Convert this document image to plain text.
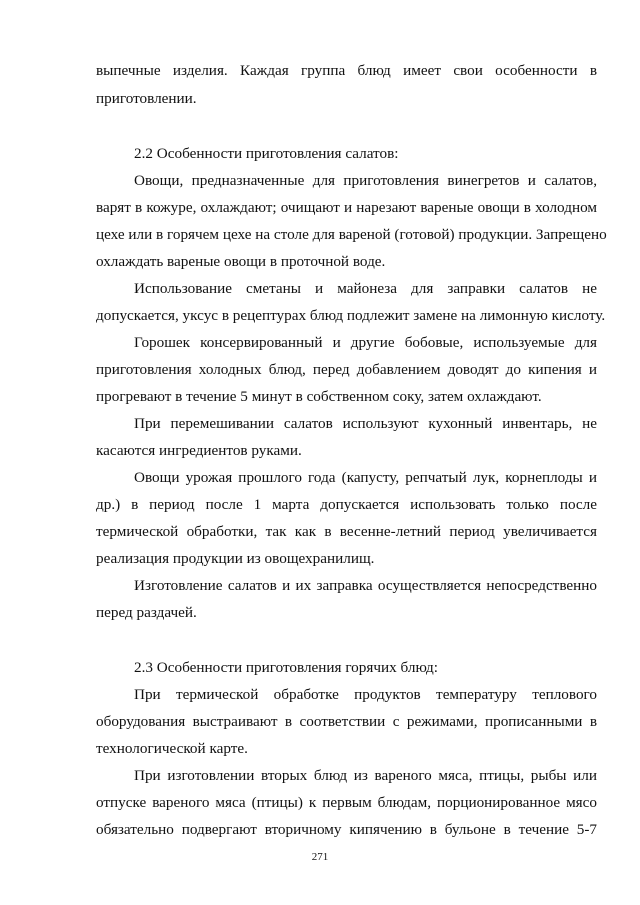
выпечные изделия. Каждая группа блюд имеет свои особенности в
приготовлении.
2.2 Особенности приготовления салатов:
Овощи, предназначенные для приготовления винегретов и салатов,
варят в кожуре, охлаждают; очищают и нарезают вареные овощи в холодном
цехе или в горячем цехе на столе для вареной (готовой) продукции. Запрещено
охлаждать вареные овощи в проточной воде.
Использование сметаны и майонеза для заправки салатов не
допускается, уксус в рецептурах блюд подлежит замене на лимонную кислоту.
Горошек консервированный и другие бобовые, используемые для
приготовления холодных блюд, перед добавлением доводят до кипения и
прогревают в течение 5 минут в собственном соку, затем охлаждают.
При перемешивании салатов используют кухонный инвентарь, не
касаются ингредиентов руками.
Овощи урожая прошлого года (капусту, репчатый лук, корнеплоды и
др.) в период после 1 марта допускается использовать только после
термической обработки, так как в весенне-летний период увеличивается
реализация продукции из овощехранилищ.
Изготовление салатов и их заправка осуществляется непосредственно
перед раздачей.
2.3 Особенности приготовления горячих блюд:
При термической обработке продуктов температуру теплового
оборудования выстраивают в соответствии с режимами, прописанными в
технологической карте.
При изготовлении вторых блюд из вареного мяса, птицы, рыбы или
отпуске вареного мяса (птицы) к первым блюдам, порционированное мясо
обязательно подвергают вторичному кипячению в бульоне в течение 5-7
271
